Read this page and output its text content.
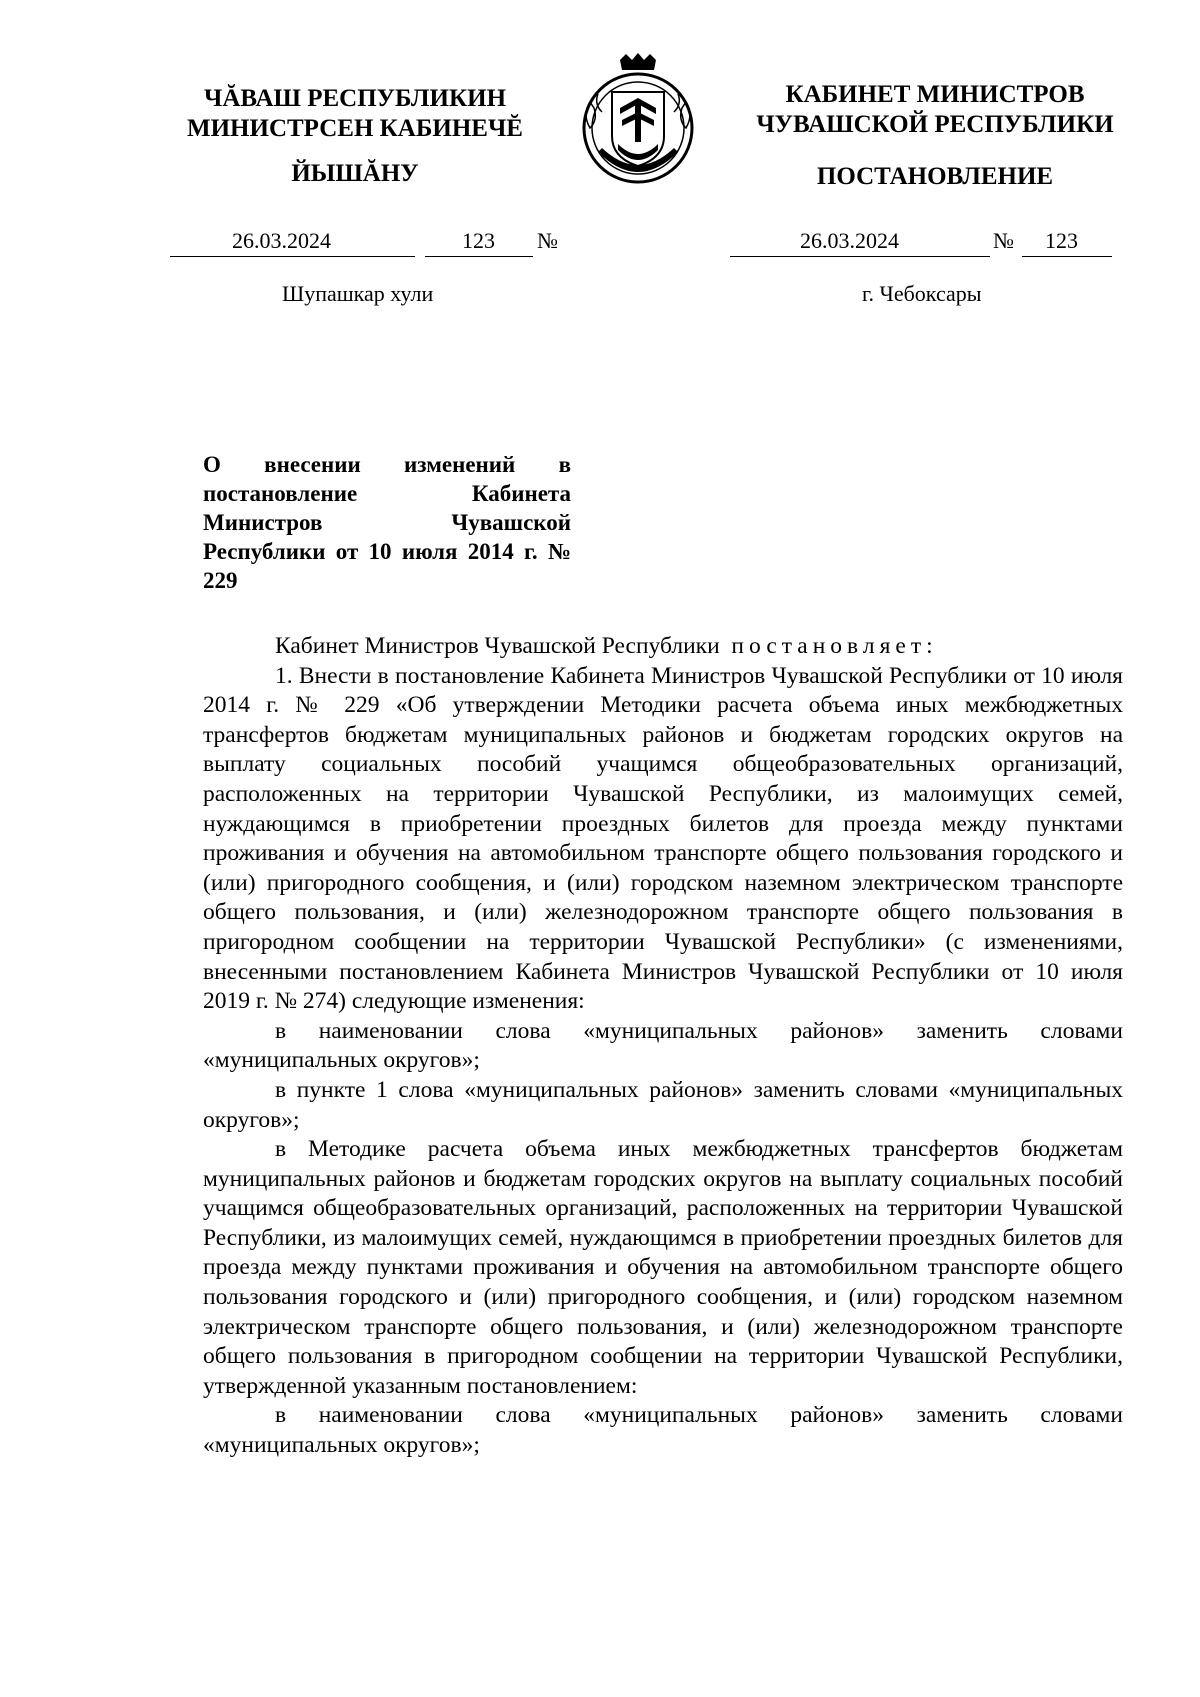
ЧĂВАШ РЕСПУБЛИКИН
МИНИСТРСЕН КАБИНЕЧĔ
ЙЫШĂНУ
КАБИНЕТ МИНИСТРОВ
ЧУВАШСКОЙ РЕСПУБЛИКИ
ПОСТАНОВЛЕНИЕ
26.03.2024	123 №	26.03.2024	№ 123
Шупашкар хули	г. Чебоксары
О внесении изменений в постановление Кабинета Министров Чувашской Республики от 10 июля 2014 г. № 229

Кабинет Министров Чувашской Республики постановляет:

1. Внести в постановление Кабинета Министров Чувашской Республики от 10 июля 2014 г. № 229 «Об утверждении Методики расчета объема иных межбюджетных трансфертов бюджетам муниципальных районов и бюджетам городских округов на выплату социальных пособий учащимся общеобразовательных организаций, расположенных на территории Чувашской Республики, из малоимущих семей, нуждающимся в приобретении проездных билетов для проезда между пунктами проживания и обучения на автомобильном транспорте общего пользования городского и (или) пригородного сообщения, и (или) городском наземном электрическом транспорте общего пользования, и (или) железнодорожном транспорте общего пользования в пригородном сообщении на территории Чувашской Республики» (с изменениями, внесенными постановлением Кабинета Министров Чувашской Республики от 10 июля 2019 г. № 274) следующие изменения:

в наименовании слова «муниципальных районов» заменить словами «муниципальных округов»;

в пункте 1 слова «муниципальных районов» заменить словами «муниципальных округов»;

в Методике расчета объема иных межбюджетных трансфертов бюджетам муниципальных районов и бюджетам городских округов на выплату социальных пособий учащимся общеобразовательных организаций, расположенных на территории Чувашской Республики, из малоимущих семей, нуждающимся в приобретении проездных билетов для проезда между пунктами проживания и обучения на автомобильном транспорте общего пользования городского и (или) пригородного сообщения, и (или) городском наземном электрическом транспорте общего пользования, и (или) железнодорожном транспорте общего пользования в пригородном сообщении на территории Чувашской Республики, утвержденной указанным постановлением:

в наименовании слова «муниципальных районов» заменить словами «муниципальных округов»;
